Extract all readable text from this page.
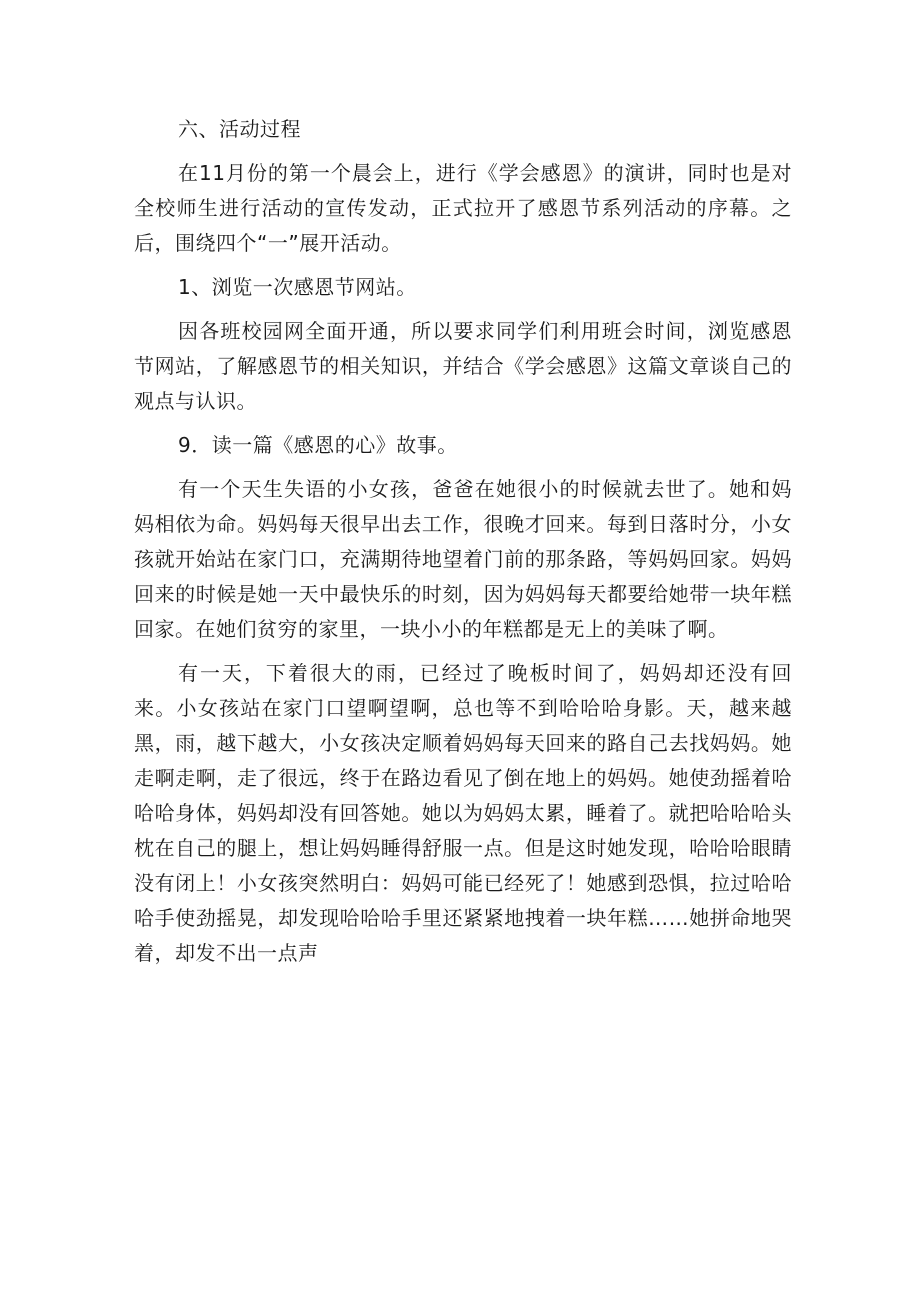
六、活动过程

在11月份的第一个晨会上，进行《学会感恩》的演讲，同时也是对全校师生进行活动的宣传发动，正式拉开了感恩节系列活动的序幕。之后，围绕四个“一”展开活动。

1、浏览一次感恩节网站。

因各班校园网全面开通，所以要求同学们利用班会时间，浏览感恩节网站，了解感恩节的相关知识，并结合《学会感恩》这篇文章谈自己的观点与认识。

9．读一篇《感恩的心》故事。

有一个天生失语的小女孩，爸爸在她很小的时候就去世了。她和妈妈相依为命。妈妈每天很早出去工作，很晚才回来。每到日落时分，小女孩就开始站在家门口，充满期待地望着门前的那条路，等妈妈回家。妈妈回来的时候是她一天中最快乐的时刻，因为妈妈每天都要给她带一块年糕回家。在她们贫穷的家里，一块小小的年糕都是无上的美味了啊。

有一天，下着很大的雨，已经过了晚板时间了，妈妈却还没有回来。小女孩站在家门口望啊望啊，总也等不到哈哈哈身影。天，越来越黑，雨，越下越大，小女孩决定顺着妈妈每天回来的路自己去找妈妈。她走啊走啊，走了很远，终于在路边看见了倒在地上的妈妈。她使劲摇着哈哈哈身体，妈妈却没有回答她。她以为妈妈太累，睡着了。就把哈哈哈头枕在自己的腿上，想让妈妈睡得舒服一点。但是这时她发现，哈哈哈眼睛没有闭上！小女孩突然明白：妈妈可能已经死了！她感到恐惧，拉过哈哈哈手使劲摇晃，却发现哈哈哈手里还紧紧地拽着一块年糕……她拼命地哭着，却发不出一点声
